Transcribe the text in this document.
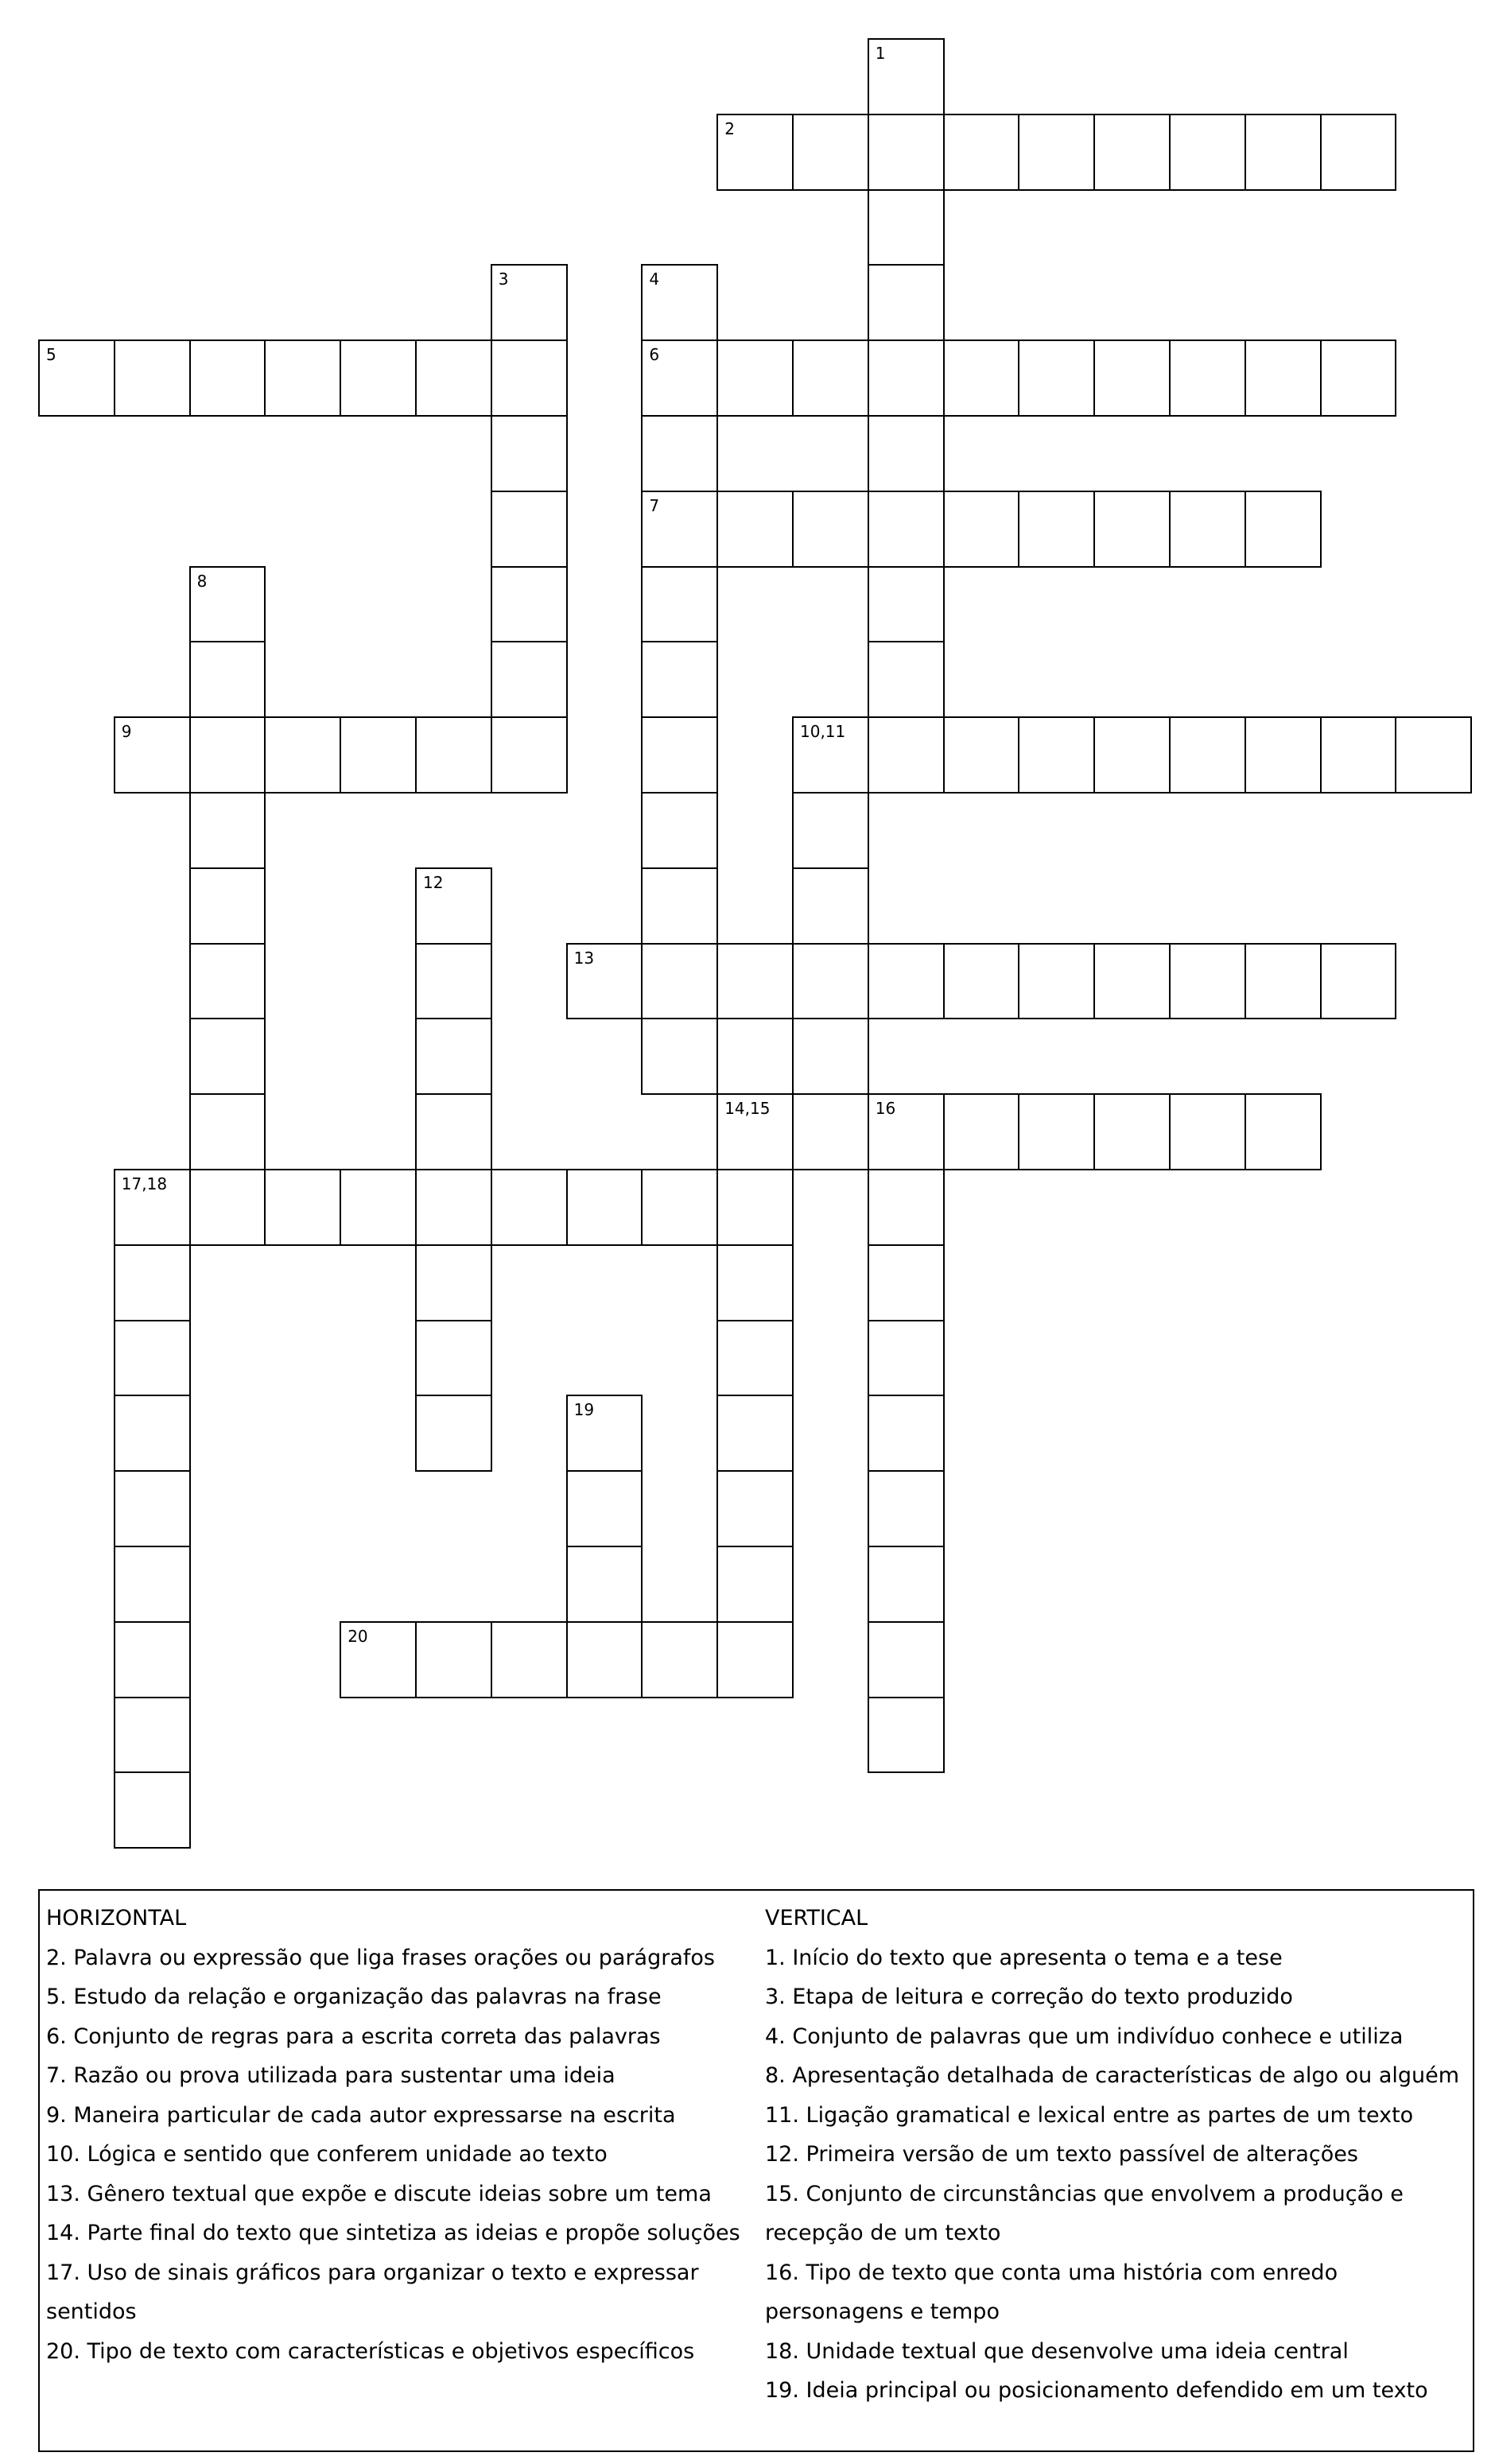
1
2
3	4
5	6
7
8
9	10,11
12
13
14,15	16
17,18
19
20

HORIZONTAL

2. Palavra ou expressão que liga frases orações ou parágrafos

5. Estudo da relação e organização das palavras na frase

6. Conjunto de regras para a escrita correta das palavras

7. Razão ou prova utilizada para sustentar uma ideia

9. Maneira particular de cada autor expressarse na escrita

10. Lógica e sentido que conferem unidade ao texto

13. Gênero textual que expõe e discute ideias sobre um tema

14. Parte final do texto que sintetiza as ideias e propõe soluções

17. Uso de sinais gráficos para organizar o texto e expressar sentidos

20. Tipo de texto com características e objetivos específicos

VERTICAL

1. Início do texto que apresenta o tema e a tese

3. Etapa de leitura e correção do texto produzido

4. Conjunto de palavras que um indivíduo conhece e utiliza

8. Apresentação detalhada de características de algo ou alguém

11. Ligação gramatical e lexical entre as partes de um texto

12. Primeira versão de um texto passível de alterações

15. Conjunto de circunstâncias que envolvem a produção e recepção de um texto

16. Tipo de texto que conta uma história com enredo personagens e tempo

18. Unidade textual que desenvolve uma ideia central

19. Ideia principal ou posicionamento defendido em um texto
